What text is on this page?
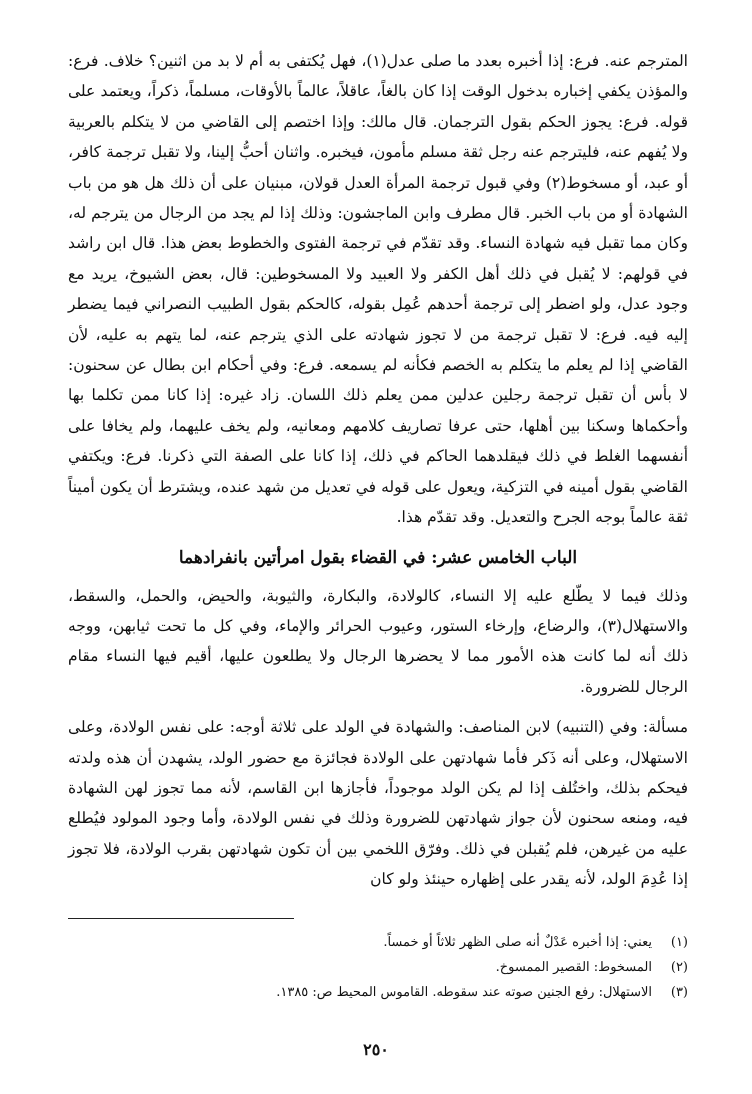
المترجم عنه. فرع: إذا أخبره بعدد ما صلى عدل(١)، فهل يُكتفى به أم لا بد من اثنين؟ خلاف. فرع: والمؤذن يكفي إخباره بدخول الوقت إذا كان بالغاً، عاقلاً، عالماً بالأوقات، مسلماً، ذكراً، ويعتمد على قوله. فرع: يجوز الحكم بقول الترجمان. قال مالك: وإذا اختصم إلى القاضي من لا يتكلم بالعربية ولا يُفهم عنه، فليترجم عنه رجل ثقة مسلم مأمون، فيخبره. واثنان أحبُّ إلينا، ولا تقبل ترجمة كافر، أو عبد، أو مسخوط(٢) وفي قبول ترجمة المرأة العدل قولان، مبنيان على أن ذلك هل هو من باب الشهادة أو من باب الخبر. قال مطرف وابن الماجشون: وذلك إذا لم يجد من الرجال من يترجم له، وكان مما تقبل فيه شهادة النساء. وقد تقدّم في ترجمة الفتوى والخطوط بعض هذا. قال ابن راشد في قولهم: لا يُقبل في ذلك أهل الكفر ولا العبيد ولا المسخوطين: قال، بعض الشيوخ، يريد مع وجود عدل، ولو اضطر إلى ترجمة أحدهم عُمِل بقوله، كالحكم بقول الطبيب النصراني فيما يضطر إليه فيه. فرع: لا تقبل ترجمة من لا تجوز شهادته على الذي يترجم عنه، لما يتهم به عليه، لأن القاضي إذا لم يعلم ما يتكلم به الخصم فكأنه لم يسمعه. فرع: وفي أحكام ابن بطال عن سحنون: لا بأس أن تقبل ترجمة رجلين عدلين ممن يعلم ذلك اللسان. زاد غيره: إذا كانا ممن تكلما بها وأحكماها وسكنا بين أهلها، حتى عرفا تصاريف كلامهم ومعانيه، ولم يخف عليهما، ولم يخافا على أنفسهما الغلط في ذلك فيقلدهما الحاكم في ذلك، إذا كانا على الصفة التي ذكرنا. فرع: ويكتفي القاضي بقول أمينه في التزكية، ويعول على قوله في تعديل من شهد عنده، ويشترط أن يكون أميناً ثقة عالماً بوجه الجرح والتعديل. وقد تقدّم هذا.

الباب الخامس عشر: في القضاء بقول امرأتين بانفرادهما

وذلك فيما لا يطّلع عليه إلا النساء، كالولادة، والبكارة، والثيوبة، والحيض، والحمل، والسقط، والاستهلال(٣)، والرضاع، وإرخاء الستور، وعيوب الحرائر والإماء، وفي كل ما تحت ثيابهن، ووجه ذلك أنه لما كانت هذه الأمور مما لا يحضرها الرجال ولا يطلعون عليها، أقيم فيها النساء مقام الرجال للضرورة.

مسألة: وفي (التنبيه) لابن المناصف: والشهادة في الولد على ثلاثة أوجه: على نفس الولادة، وعلى الاستهلال، وعلى أنه ذَكر فأما شهادتهن على الولادة فجائزة مع حضور الولد، يشهدن أن هذه ولدته فيحكم بذلك، واختُلف إذا لم يكن الولد موجوداً، فأجازها ابن القاسم، لأنه مما تجوز لهن الشهادة فيه، ومنعه سحنون لأن جواز شهادتهن للضرورة وذلك في نفس الولادة، وأما وجود المولود فيُطلع عليه من غيرهن، فلم يُقبلن في ذلك. وفرّق اللخمي بين أن تكون شهادتهن بقرب الولادة، فلا تجوز إذا عُدِمَ الولد، لأنه يقدر على إظهاره حينئذ ولو كان

(١)
يعني: إذا أخبره عَدْلٌ أنه صلى الظهر ثلاثاً أو خمساً.
(٢)
المسخوط: القصير الممسوخ.
(٣)
الاستهلال: رفع الجنين صوته عند سقوطه. القاموس المحيط ص: ١٣٨٥.
٢٥٠
